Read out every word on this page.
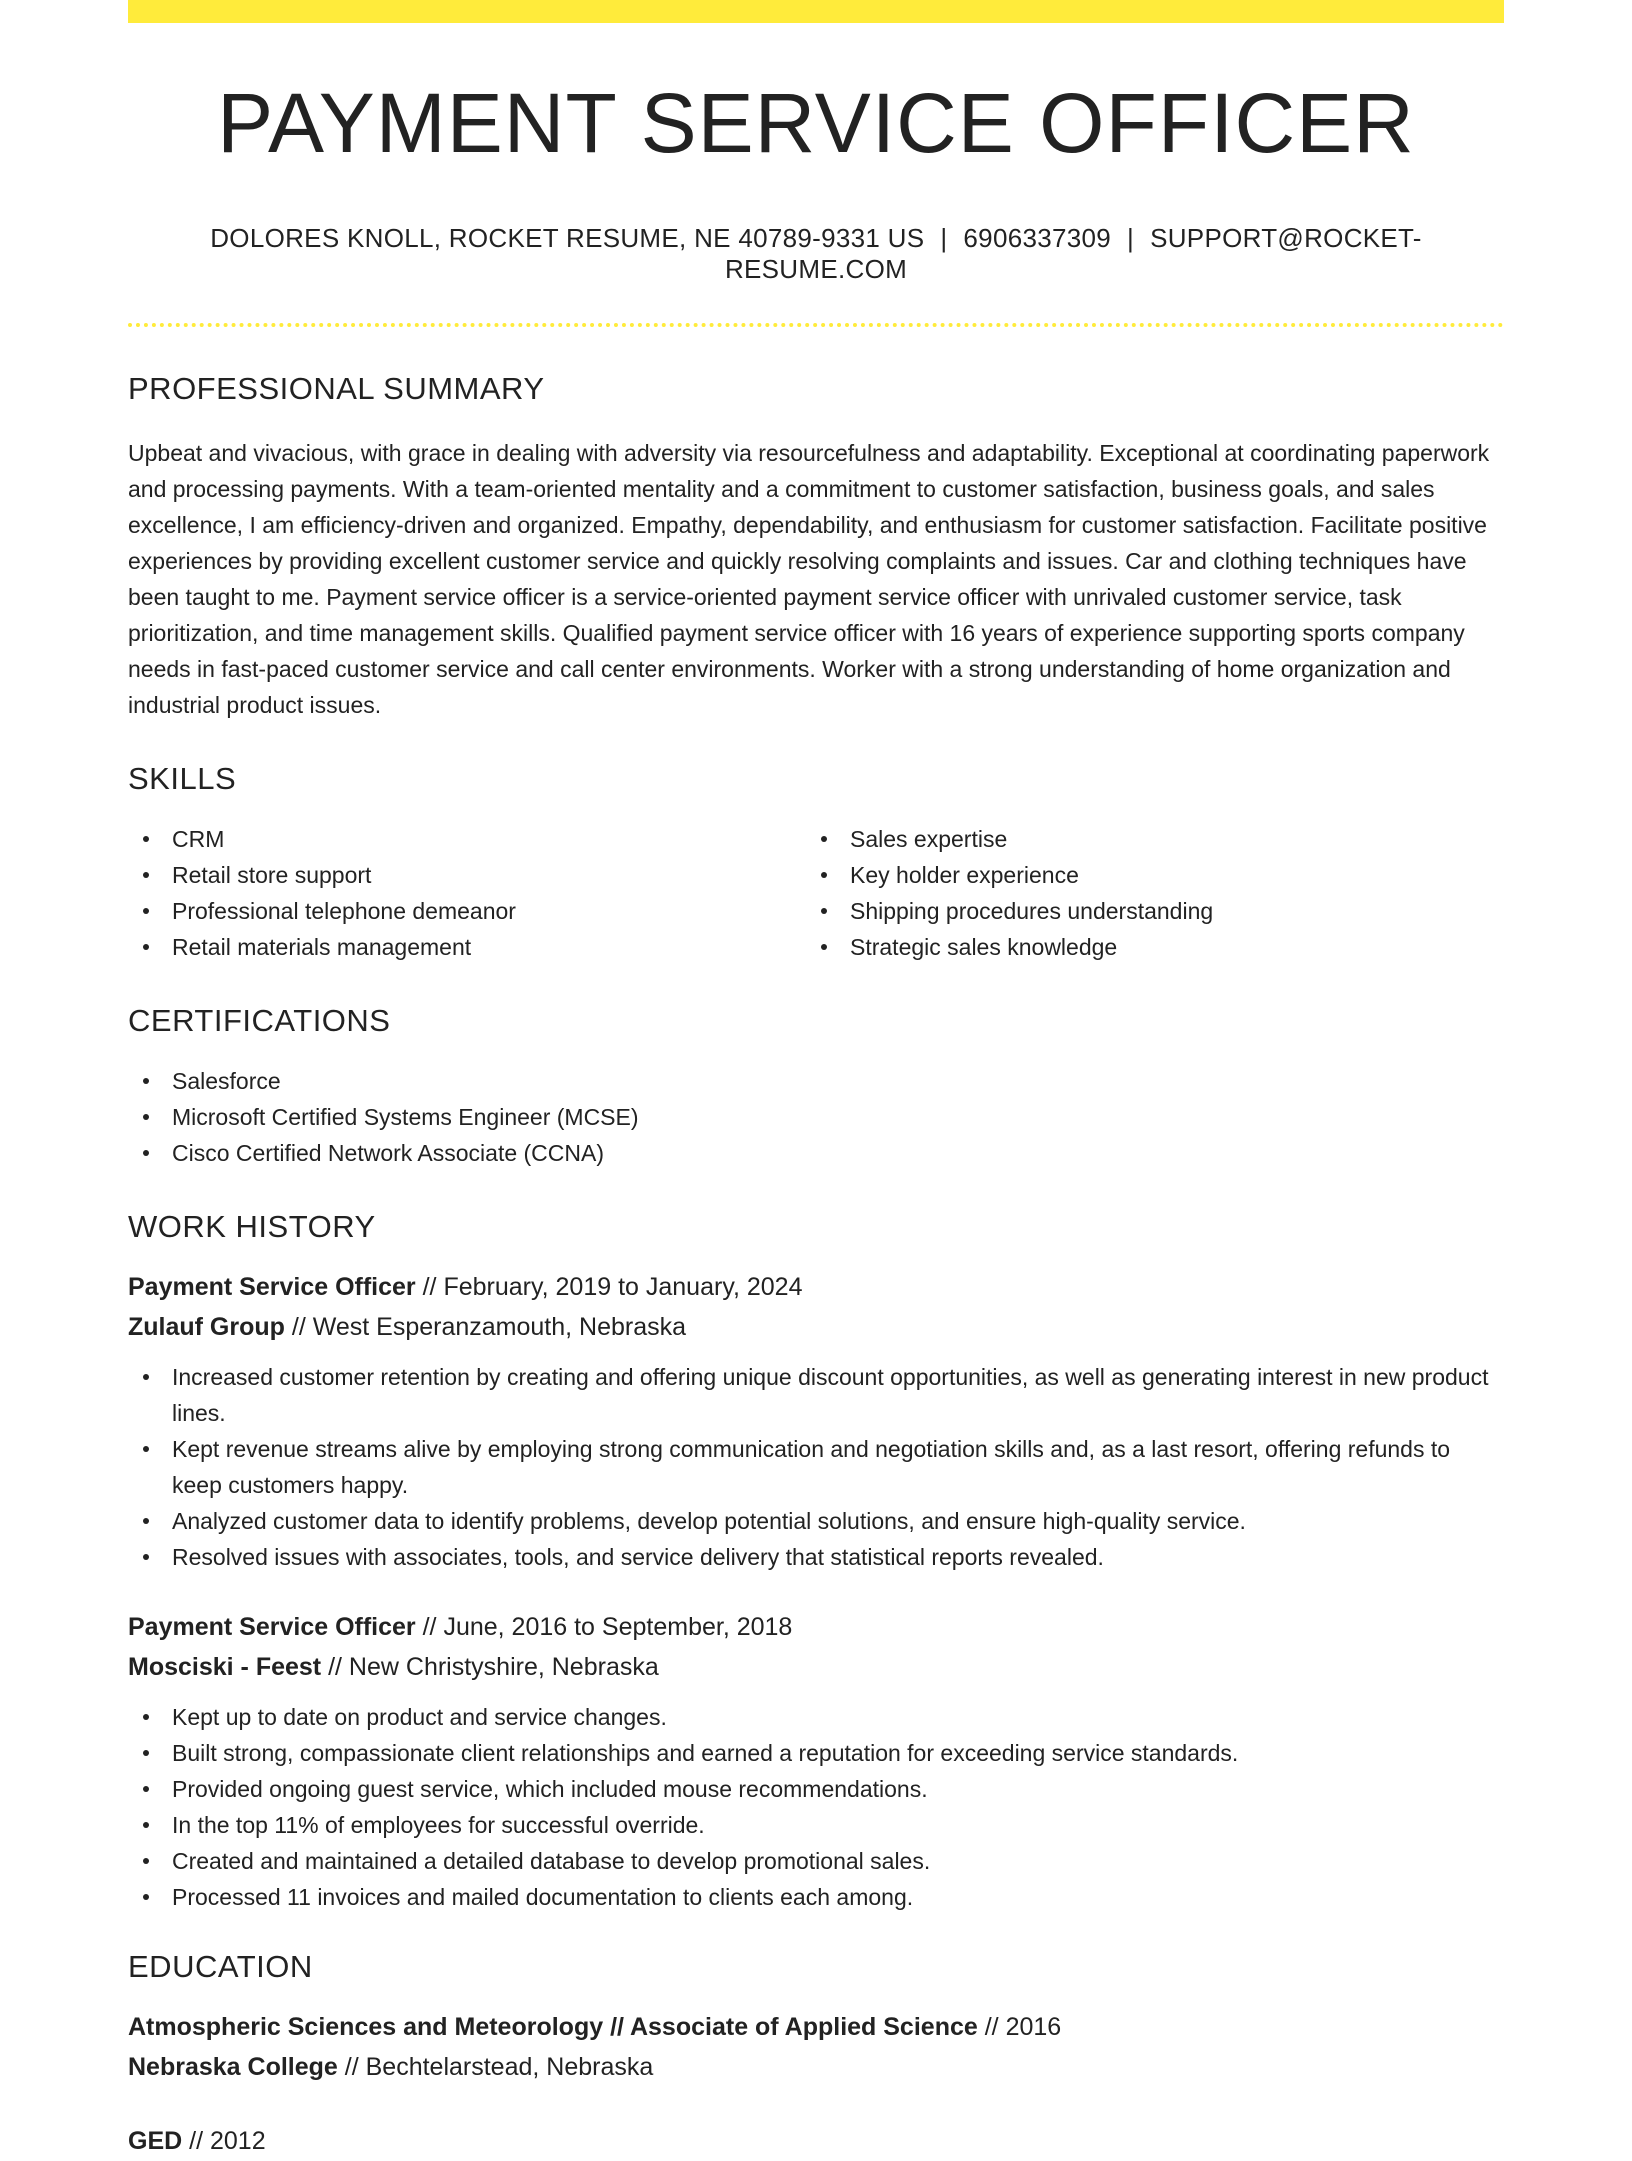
PAYMENT SERVICE OFFICER
DOLORES KNOLL, ROCKET RESUME, NE 40789-9331 US | 6906337309 | SUPPORT@ROCKET-RESUME.COM
PROFESSIONAL SUMMARY

Upbeat and vivacious, with grace in dealing with adversity via resourcefulness and adaptability. Exceptional at coordinating paperwork and processing payments. With a team-oriented mentality and a commitment to customer satisfaction, business goals, and sales excellence, I am efficiency-driven and organized. Empathy, dependability, and enthusiasm for customer satisfaction. Facilitate positive experiences by providing excellent customer service and quickly resolving complaints and issues. Car and clothing techniques have been taught to me. Payment service officer is a service-oriented payment service officer with unrivaled customer service, task prioritization, and time management skills. Qualified payment service officer with 16 years of experience supporting sports company needs in fast-paced customer service and call center environments. Worker with a strong understanding of home organization and industrial product issues.

SKILLS
CRM
Retail store support
Professional telephone demeanor
Retail materials management
Sales expertise
Key holder experience
Shipping procedures understanding
Strategic sales knowledge
CERTIFICATIONS
Salesforce
Microsoft Certified Systems Engineer (MCSE)
Cisco Certified Network Associate (CCNA)
WORK HISTORY
Payment Service Officer // February, 2019 to January, 2024
Zulauf Group // West Esperanzamouth, Nebraska
Increased customer retention by creating and offering unique discount opportunities, as well as generating interest in new product lines.
Kept revenue streams alive by employing strong communication and negotiation skills and, as a last resort, offering refunds to keep customers happy.
Analyzed customer data to identify problems, develop potential solutions, and ensure high-quality service.
Resolved issues with associates, tools, and service delivery that statistical reports revealed.
Payment Service Officer // June, 2016 to September, 2018
Mosciski - Feest // New Christyshire, Nebraska
Kept up to date on product and service changes.
Built strong, compassionate client relationships and earned a reputation for exceeding service standards.
Provided ongoing guest service, which included mouse recommendations.
In the top 11% of employees for successful override.
Created and maintained a detailed database to develop promotional sales.
Processed 11 invoices and mailed documentation to clients each among.
EDUCATION
Atmospheric Sciences and Meteorology // Associate of Applied Science // 2016
Nebraska College // Bechtelarstead, Nebraska
GED // 2012
